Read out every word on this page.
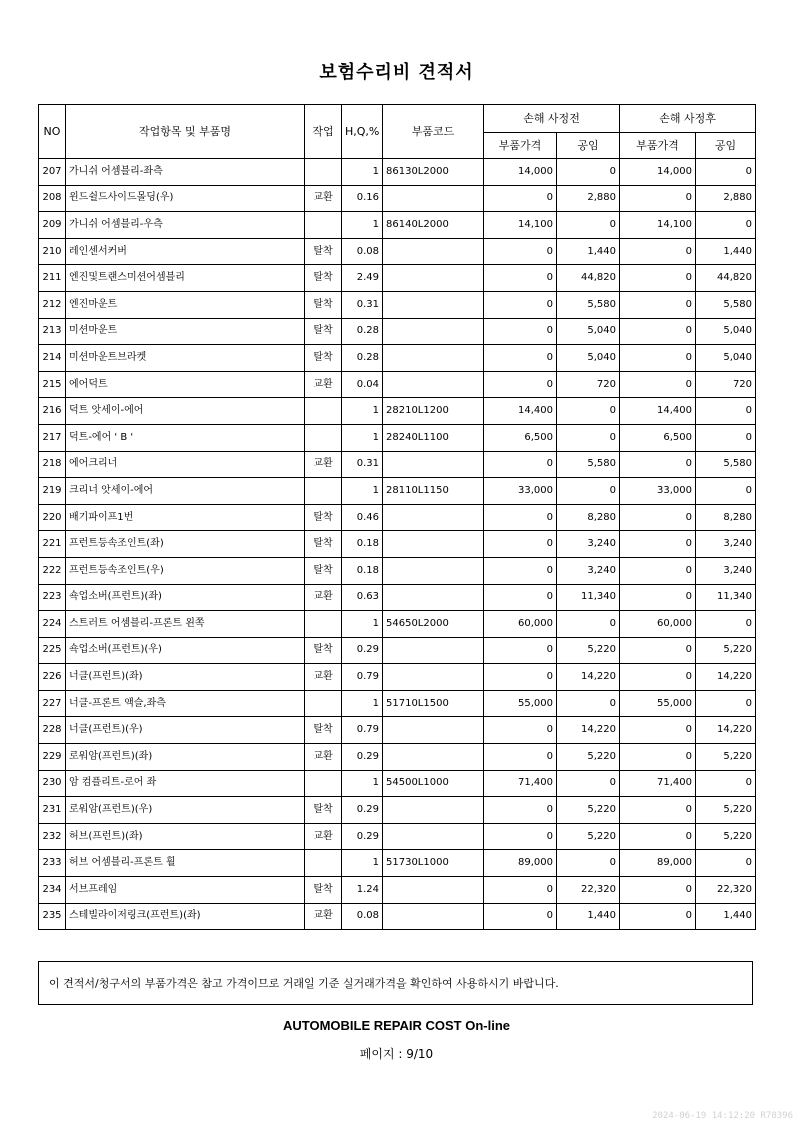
보험수리비 견적서
NO	작업항목 및 부품명	작업	H,Q,%	부품코드	손해 사정전		손해 사정후	
					부품가격	공임	부품가격	공임
207	가니쉬 어셈블리-좌측		1	86130L2000	14,000	0	14,000	0
208	윈드쉴드사이드몰딩(우)	교환	0.16		0	2,880	0	2,880
209	가니쉬 어셈블리-우측		1	86140L2000	14,100	0	14,100	0
210	레인센서커버	탈착	0.08		0	1,440	0	1,440
211	엔진및트랜스미션어셈블리	탈착	2.49		0	44,820	0	44,820
212	엔진마운트	탈착	0.31		0	5,580	0	5,580
213	미션마운트	탈착	0.28		0	5,040	0	5,040
214	미션마운트브라켓	탈착	0.28		0	5,040	0	5,040
215	에어덕트	교환	0.04		0	720	0	720
216	덕트 앗세이-에어		1	28210L1200	14,400	0	14,400	0
217	덕트-에어 ' B '		1	28240L1100	6,500	0	6,500	0
218	에어크리너	교환	0.31		0	5,580	0	5,580
219	크리너 앗세이-에어		1	28110L1150	33,000	0	33,000	0
220	배기파이프1번	탈착	0.46		0	8,280	0	8,280
221	프런트등속조인트(좌)	탈착	0.18		0	3,240	0	3,240
222	프런트등속조인트(우)	탈착	0.18		0	3,240	0	3,240
223	쇽업소버(프런트)(좌)	교환	0.63		0	11,340	0	11,340
224	스트러트 어셈블리-프론트 왼쪽		1	54650L2000	60,000	0	60,000	0
225	쇽업소버(프런트)(우)	탈착	0.29		0	5,220	0	5,220
226	너클(프런트)(좌)	교환	0.79		0	14,220	0	14,220
227	너클-프론트 액슬,좌측		1	51710L1500	55,000	0	55,000	0
228	너클(프런트)(우)	탈착	0.79		0	14,220	0	14,220
229	로워암(프런트)(좌)	교환	0.29		0	5,220	0	5,220
230	암 컴플리트-로어 좌		1	54500L1000	71,400	0	71,400	0
231	로워암(프런트)(우)	탈착	0.29		0	5,220	0	5,220
232	허브(프런트)(좌)	교환	0.29		0	5,220	0	5,220
233	허브 어셈블리-프론트 휠		1	51730L1000	89,000	0	89,000	0
234	서브프레임	탈착	1.24		0	22,320	0	22,320
235	스테빌라이저링크(프런트)(좌)	교환	0.08		0	1,440	0	1,440
이 견적서/청구서의 부품가격은 참고 가격이므로 거래일 기준 실거래가격을 확인하여 사용하시기 바랍니다.
AUTOMOBILE REPAIR COST On-line
페이지 : 9/10
2024-06-19 14:12:20 R70396
